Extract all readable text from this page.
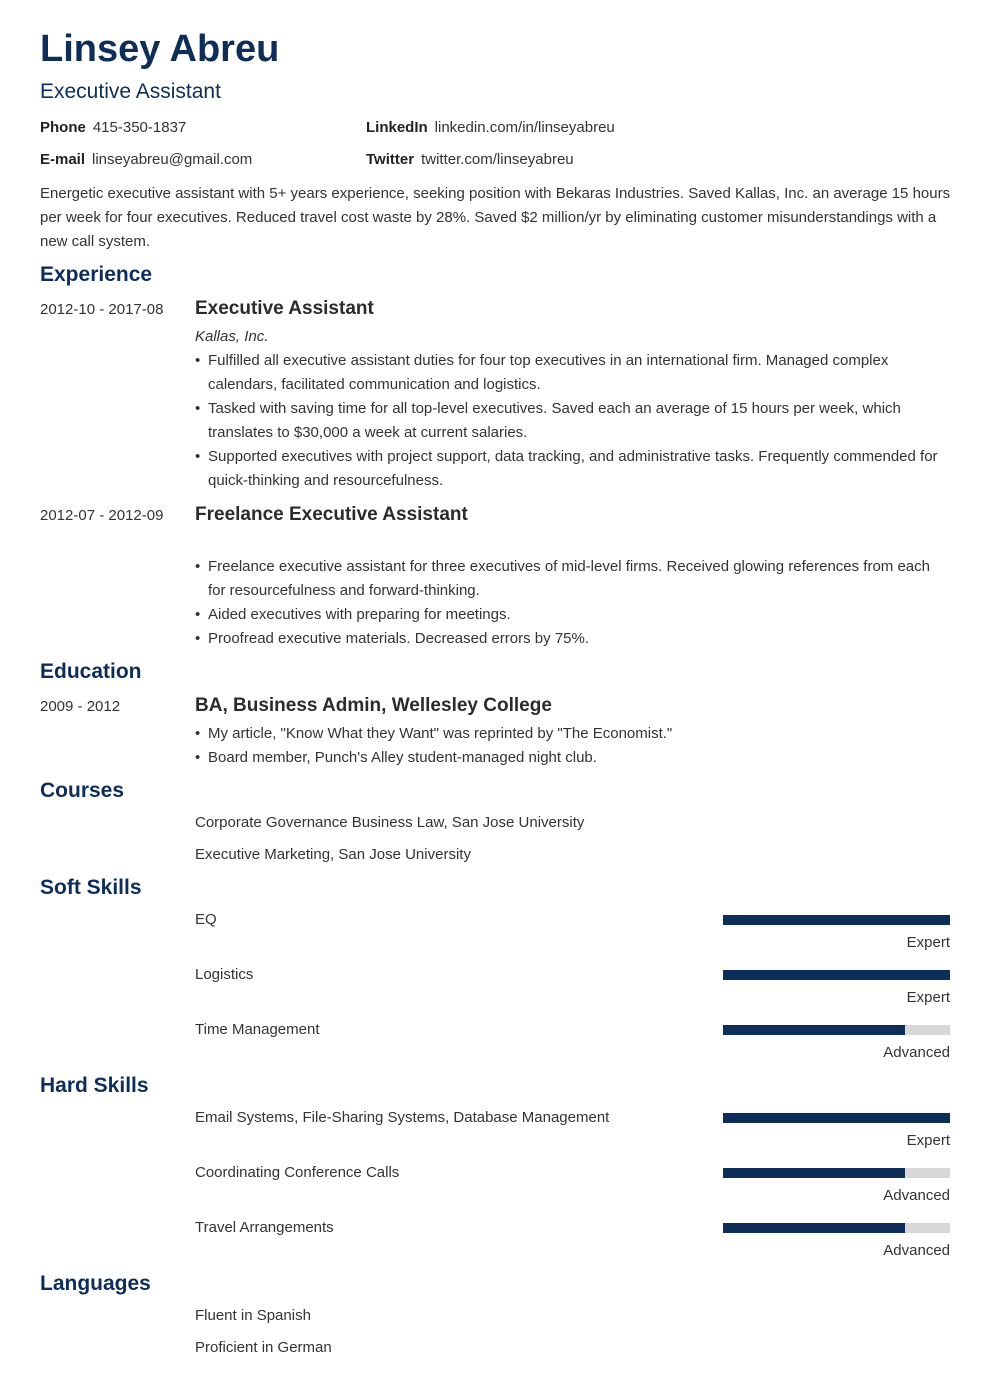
Linsey Abreu
Executive Assistant
Phone 415-350-1837	LinkedIn linkedin.com/in/linseyabreu
E-mail linseyabreu@gmail.com	Twitter twitter.com/linseyabreu
Energetic executive assistant with 5+ years experience, seeking position with Bekaras Industries. Saved Kallas, Inc. an average 15 hours per week for four executives. Reduced travel cost waste by 28%. Saved $2 million/yr by eliminating customer misunderstandings with a new call system.
Experience
2012-10 - 2017-08 Executive Assistant
Kallas, Inc.
• Fulfilled all executive assistant duties for four top executives in an international firm. Managed complex calendars, facilitated communication and logistics.
• Tasked with saving time for all top-level executives. Saved each an average of 15 hours per week, which translates to $30,000 a week at current salaries.
• Supported executives with project support, data tracking, and administrative tasks. Frequently commended for quick-thinking and resourcefulness.
2012-07 - 2012-09 Freelance Executive Assistant
• Freelance executive assistant for three executives of mid-level firms. Received glowing references from each for resourcefulness and forward-thinking.
• Aided executives with preparing for meetings.
• Proofread executive materials. Decreased errors by 75%.
Education
2009 - 2012	BA, Business Admin, Wellesley College
• My article, "Know What they Want" was reprinted by "The Economist."
• Board member, Punch's Alley student-managed night club.
Courses
Corporate Governance Business Law, San Jose University
Executive Marketing, San Jose University
Soft Skills
EQ
Expert
Logistics
Expert
Time Management
Advanced
Hard Skills
Email Systems, File-Sharing Systems, Database Management
Expert
Coordinating Conference Calls
Advanced
Travel Arrangements
Advanced
Languages
Fluent in Spanish
Proficient in German
